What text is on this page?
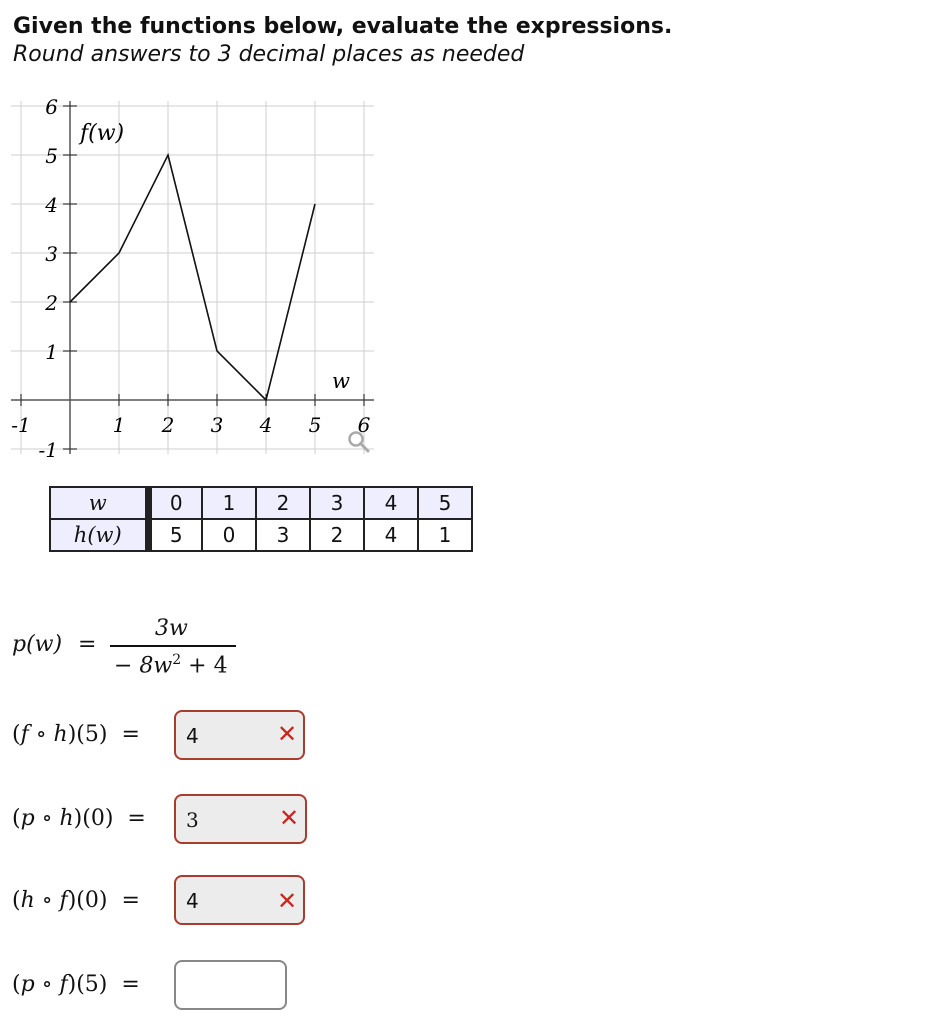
Given the functions below, evaluate the expressions.
Round answers to 3 decimal places as needed
-1	1 2 3 4 5 6
6
5
4
3
2
1
-1
f(w)
w
w	0	1	2	3	4	5
h(w)	5	0	3	2	4	1
p(w) =
3w
− $8w^2 + 4$
(f ∘ h)(5)  = 4	✕
(p ∘ h)(0)  = 3	✕
(h ∘ f)(0)  = 4	✕
(p ∘ f)(5)  =
